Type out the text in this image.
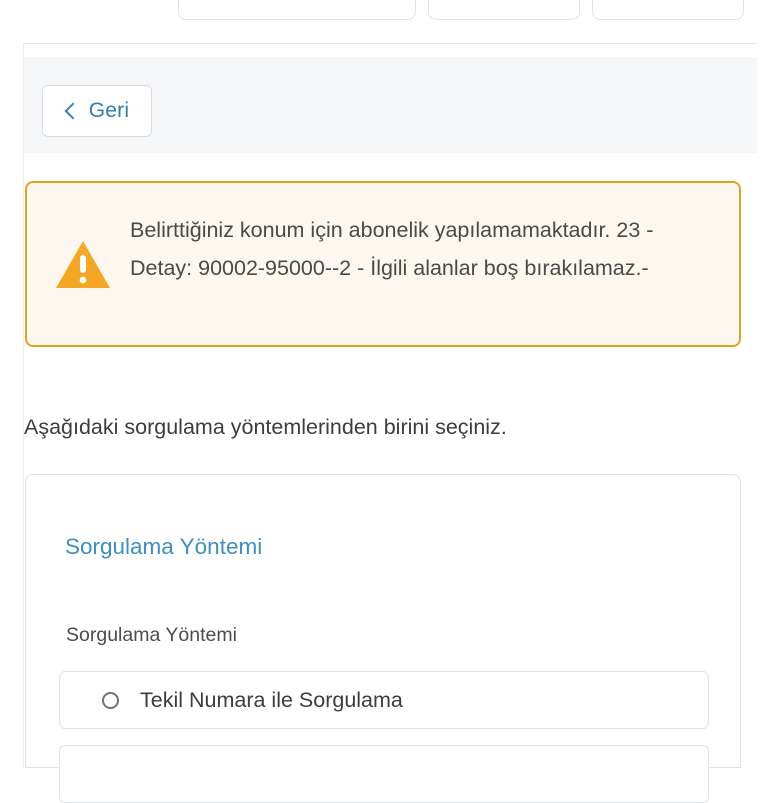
Geri
Belirttiğiniz konum için abonelik yapılamamaktadır. 23 - Detay: 90002-95000--2 - İlgili alanlar boş bırakılamaz.-
Aşağıdaki sorgulama yöntemlerinden birini seçiniz.
Sorgulama Yöntemi
Sorgulama Yöntemi
Tekil Numara ile Sorgulama
